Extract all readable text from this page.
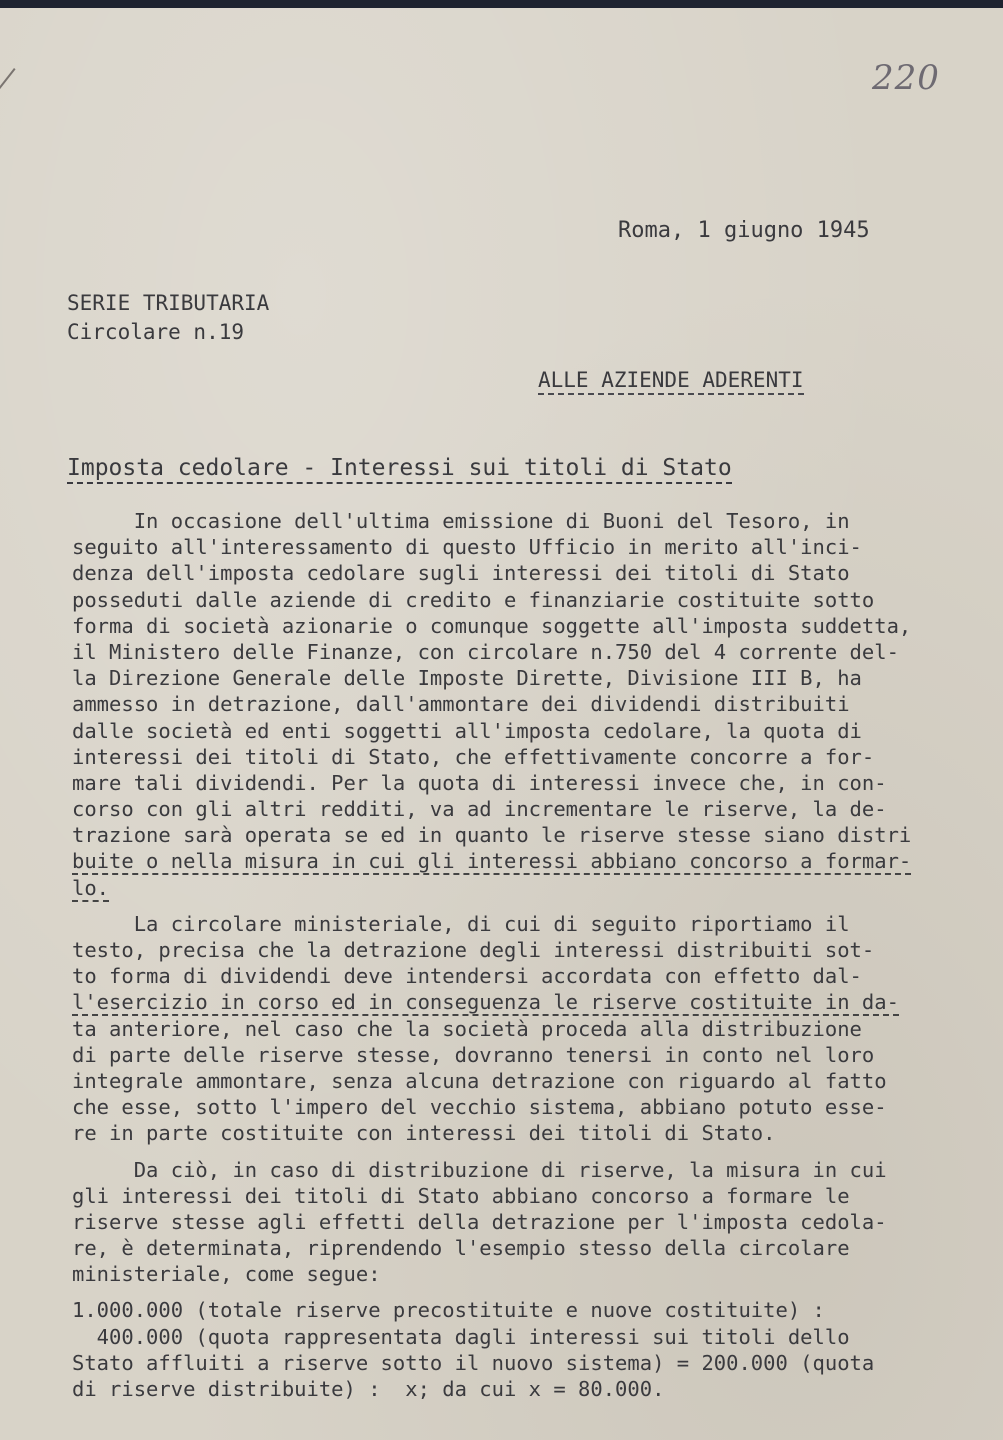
220
Roma, 1 giugno 1945
SERIE TRIBUTARIA
Circolare n.19
ALLE AZIENDE ADERENTI
Imposta cedolare - Interessi sui titoli di Stato
In occasione dell'ultima emissione di Buoni del Tesoro, in
seguito all'interessamento di questo Ufficio in merito all'inci-
denza dell'imposta cedolare sugli interessi dei titoli di Stato
posseduti dalle aziende di credito e finanziarie costituite sotto
forma di società azionarie o comunque soggette all'imposta suddetta,
il Ministero delle Finanze, con circolare n.750 del 4 corrente del-
la Direzione Generale delle Imposte Dirette, Divisione III B, ha
ammesso in detrazione, dall'ammontare dei dividendi distribuiti
dalle società ed enti soggetti all'imposta cedolare, la quota di
interessi dei titoli di Stato, che effettivamente concorre a for-
mare tali dividendi. Per la quota di interessi invece che, in con-
corso con gli altri redditi, va ad incrementare le riserve, la de-
trazione sarà operata se ed in quanto le riserve stesse siano distri
buite o nella misura in cui gli interessi abbiano concorso a formar-
lo.
La circolare ministeriale, di cui di seguito riportiamo il
testo, precisa che la detrazione degli interessi distribuiti sot-
to forma di dividendi deve intendersi accordata con effetto dal-
l'esercizio in corso ed in conseguenza le riserve costituite in da-
ta anteriore, nel caso che la società proceda alla distribuzione
di parte delle riserve stesse, dovranno tenersi in conto nel loro
integrale ammontare, senza alcuna detrazione con riguardo al fatto
che esse, sotto l'impero del vecchio sistema, abbiano potuto esse-
re in parte costituite con interessi dei titoli di Stato.
Da ciò, in caso di distribuzione di riserve, la misura in cui
gli interessi dei titoli di Stato abbiano concorso a formare le
riserve stesse agli effetti della detrazione per l'imposta cedola-
re, è determinata, riprendendo l'esempio stesso della circolare
ministeriale, come segue:
1.000.000 (totale riserve precostituite e nuove costituite) :
400.000 (quota rappresentata dagli interessi sui titoli dello
Stato affluiti a riserve sotto il nuovo sistema) = 200.000 (quota
di riserve distribuite) :  x; da cui x = 80.000.
